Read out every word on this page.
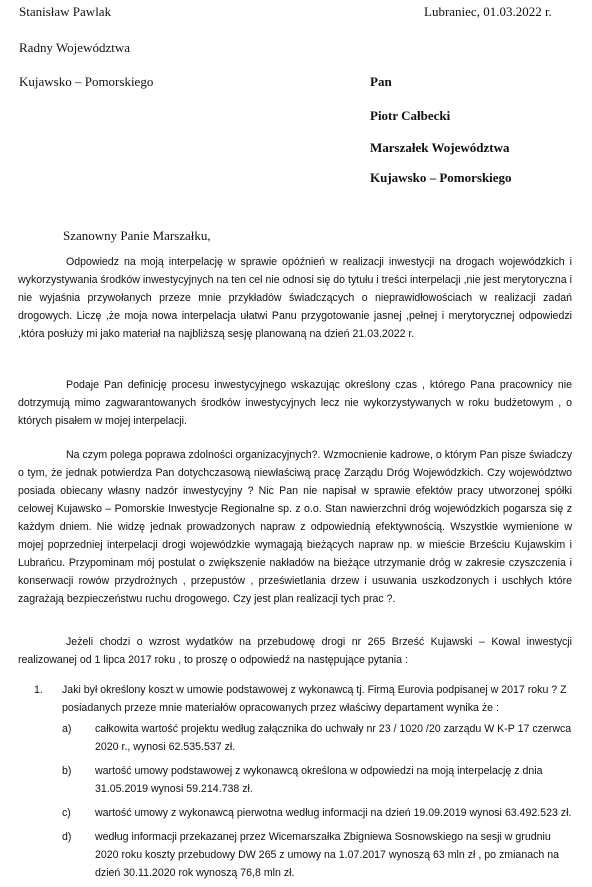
Stanisław Pawlak
Radny Województwa
Kujawsko – Pomorskiego
Lubraniec, 01.03.2022 r.
Pan
Piotr Całbecki
Marszałek Województwa
Kujawsko – Pomorskiego
Szanowny Panie Marszałku,
Odpowiedz na moją interpelację w sprawie opóźnień w realizacji inwestycji na drogach wojewódzkich i wykorzystywania środków inwestycyjnych na ten cel nie odnosi się do tytułu i treści interpelacji ,nie jest merytoryczna i nie wyjaśnia przywołanych przeze mnie przykładów świadczących o nieprawidłowościach w realizacji zadań drogowych. Liczę ,że moja nowa interpelacja ułatwi Panu przygotowanie jasnej ,pełnej i merytorycznej odpowiedzi ,która posłuży mi jako materiał na najbliższą sesję planowaną na dzień 21.03.2022 r.
Podaje Pan definicję procesu inwestycyjnego wskazując określony czas , którego Pana pracownicy nie dotrzymują mimo zagwarantowanych środków inwestycyjnych lecz nie wykorzystywanych w roku budżetowym , o których pisałem w mojej interpelacji.
Na czym polega poprawa zdolności organizacyjnych?. Wzmocnienie kadrowe, o którym Pan pisze świadczy o tym, że jednak potwierdza Pan dotychczasową niewłaściwą pracę Zarządu Dróg Wojewódzkich. Czy województwo posiada obiecany własny nadzór inwestycyjny ? Nic Pan nie napisał w sprawie efektów pracy utworzonej spółki celowej Kujawsko – Pomorskie Inwestycje Regionalne sp. z o.o. Stan nawierzchni dróg wojewódzkich pogarsza się z każdym dniem. Nie widzę jednak prowadzonych napraw z odpowiednią efektywnością. Wszystkie wymienione w mojej poprzedniej interpelacji drogi wojewódzkie wymagają bieżących napraw np. w mieście Brześciu Kujawskim i Lubrańcu. Przypominam mój postulat o zwiększenie nakładów na bieżące utrzymanie dróg w zakresie czyszczenia i konserwacji rowów przydrożnych , przepustów , prześwietlania drzew i usuwania uszkodzonych i uschłych które zagrażają bezpieczeństwu ruchu drogowego. Czy jest plan realizacji tych prac ?.
Jeżeli chodzi o wzrost wydatków na przebudowę drogi nr 265 Brześć Kujawski – Kowal inwestycji realizowanej od 1 lipca 2017 roku , to proszę o odpowiedź na następujące pytania :
1. Jaki był określony koszt w umowie podstawowej z wykonawcą tj. Firmą Eurovia podpisanej w 2017 roku ? Z posiadanych przeze mnie materiałów opracowanych przez właściwy departament wynika że :
a) całkowita wartość projektu według załącznika do uchwały nr 23 / 1020 /20 zarządu W K-P 17 czerwca 2020 r., wynosi 62.535.537 zł.
b) wartość umowy podstawowej z wykonawcą określona w odpowiedzi na moją interpelację z dnia 31.05.2019 wynosi 59.214.738 zł.
c) wartość umowy z wykonawcą pierwotna według informacji na dzień 19.09.2019 wynosi 63.492.523 zł.
d) według informacji przekazanej przez Wicemarszałka Zbigniewa Sosnowskiego na sesji w grudniu 2020 roku koszty przebudowy DW 265 z umowy na 1.07.2017 wynoszą 63 mln zł , po zmianach na dzień 30.11.2020 rok wynoszą 76,8 mln zł.
